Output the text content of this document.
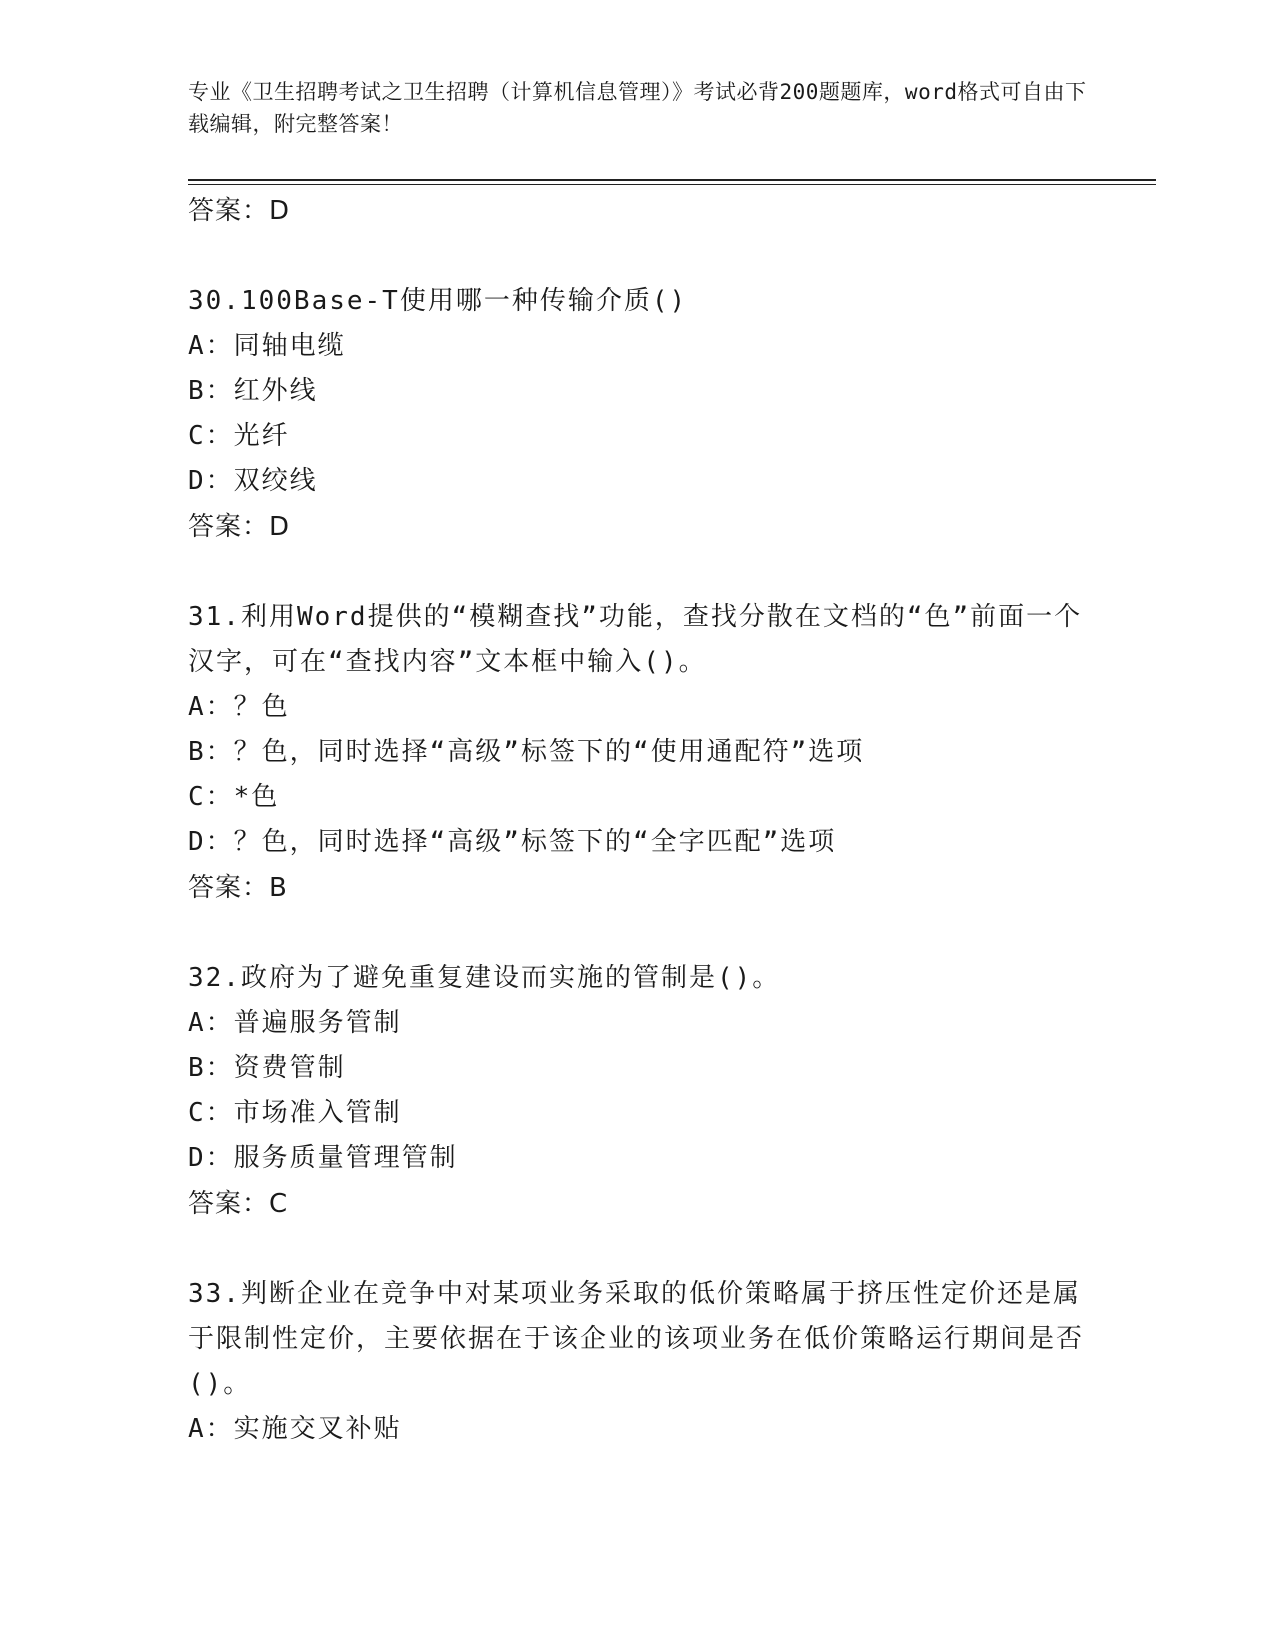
专业《卫生招聘考试之卫生招聘（计算机信息管理）》考试必背200题题库，word格式可自由下载编辑，附完整答案！
答案：D
30.100Base-T使用哪一种传输介质()
A：同轴电缆
B：红外线
C：光纤
D：双绞线
答案：D
31.利用Word提供的“模糊查找”功能，查找分散在文档的“色”前面一个汉字，可在“查找内容”文本框中输入()。
A：？色
B：？色，同时选择“高级”标签下的“使用通配符”选项
C：*色
D：？色，同时选择“高级”标签下的“全字匹配”选项
答案：B
32.政府为了避免重复建设而实施的管制是()。
A：普遍服务管制
B：资费管制
C：市场准入管制
D：服务质量管理管制
答案：C
33.判断企业在竞争中对某项业务采取的低价策略属于挤压性定价还是属于限制性定价，主要依据在于该企业的该项业务在低价策略运行期间是否()。
A：实施交叉补贴
